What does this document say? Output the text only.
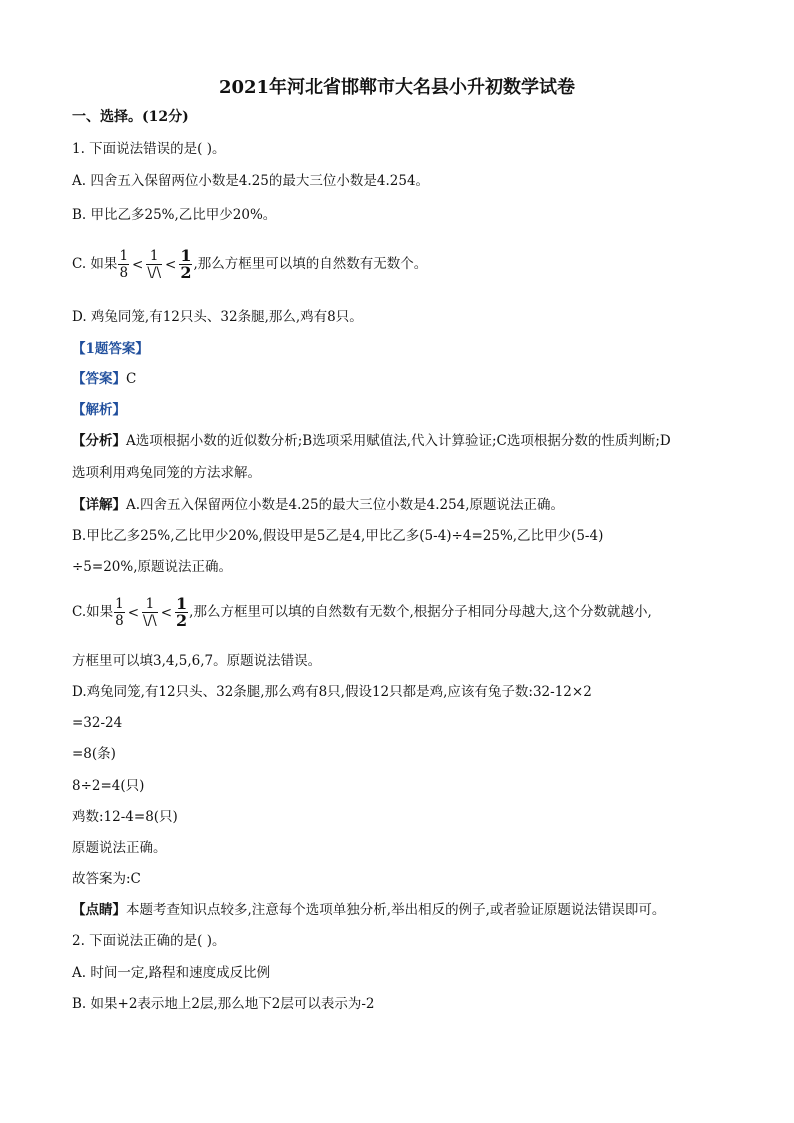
2021年河北省邯郸市大名县小升初数学试卷
一、选择。(12分)
1. 下面说法错误的是( )。
A. 四舍五入保留两位小数是4.25的最大三位小数是4.254。
B. 甲比乙多25%,乙比甲少20%。
C. 如果 $\frac{1}{8} < \frac{1}{\backslash/\backslash} < \frac{1}{2}$ ,那么方框里可以填的自然数有无数个。
D. 鸡兔同笼,有12只头、32条腿,那么,鸡有8只。
【1题答案】
【答案】C
【解析】
【分析】A选项根据小数的近似数分析;B选项采用赋值法,代入计算验证;C选项根据分数的性质判断;D
选项利用鸡兔同笼的方法求解。
【详解】A.四舍五入保留两位小数是4.25的最大三位小数是4.254,原题说法正确。
B.甲比乙多25%,乙比甲少20%,假设甲是5乙是4,甲比乙多(5-4)÷4=25%,乙比甲少(5-4)
÷5=20%,原题说法正确。
C.如果 $\frac{1}{8} < \frac{1}{\backslash/\backslash} < \frac{1}{2}$ ,那么方框里可以填的自然数有无数个,根据分子相同分母越大,这个分数就越小,
方框里可以填3,4,5,6,7。原题说法错误。
D.鸡兔同笼,有12只头、32条腿,那么鸡有8只,假设12只都是鸡,应该有兔子数:32-12×2
=32-24
=8(条)
8÷2=4(只)
鸡数:12-4=8(只)
原题说法正确。
故答案为:C
【点睛】本题考查知识点较多,注意每个选项单独分析,举出相反的例子,或者验证原题说法错误即可。
2. 下面说法正确的是( )。
A. 时间一定,路程和速度成反比例
B. 如果+2表示地上2层,那么地下2层可以表示为-2
